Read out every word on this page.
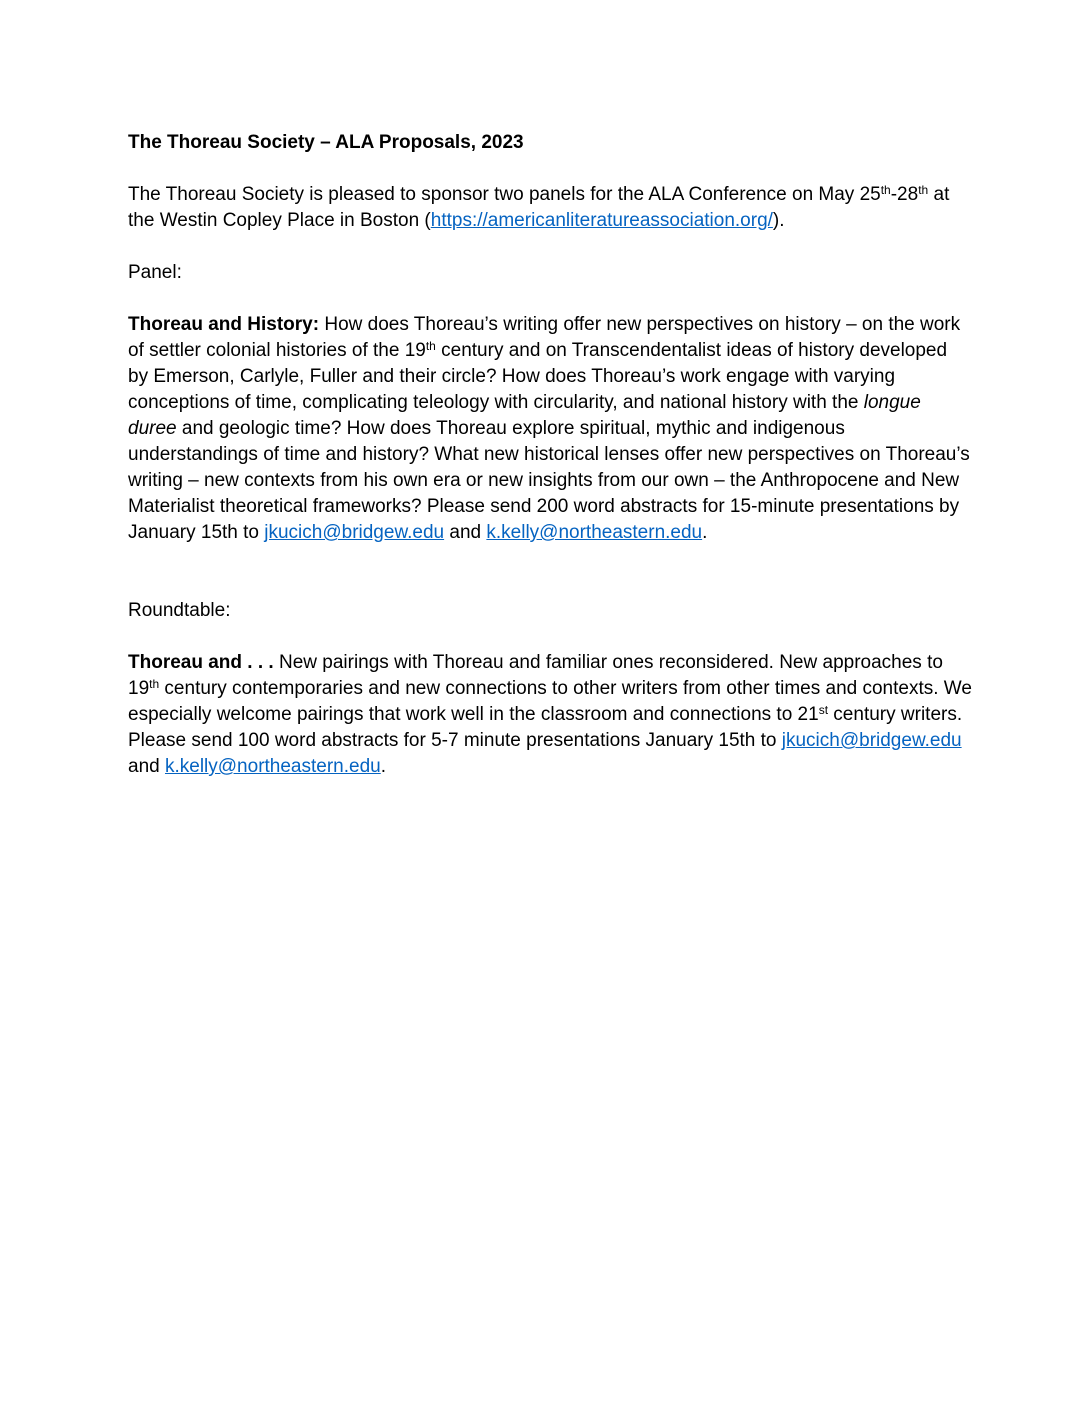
The Thoreau Society – ALA Proposals, 2023

The Thoreau Society is pleased to sponsor two panels for the ALA Conference on May 25th-28th at the Westin Copley Place in Boston (https://americanliteratureassociation.org/).

Panel:

Thoreau and History: How does Thoreau’s writing offer new perspectives on history – on the work of settler colonial histories of the 19th century and on Transcendentalist ideas of history developed by Emerson, Carlyle, Fuller and their circle? How does Thoreau’s work engage with varying conceptions of time, complicating teleology with circularity, and national history with the longue duree and geologic time? How does Thoreau explore spiritual, mythic and indigenous understandings of time and history? What new historical lenses offer new perspectives on Thoreau’s writing – new contexts from his own era or new insights from our own – the Anthropocene and New Materialist theoretical frameworks? Please send 200 word abstracts for 15-minute presentations by January 15th to jkucich@bridgew.edu and k.kelly@northeastern.edu.

Roundtable:

Thoreau and . . . New pairings with Thoreau and familiar ones reconsidered. New approaches to 19th century contemporaries and new connections to other writers from other times and contexts. We especially welcome pairings that work well in the classroom and connections to 21st century writers. Please send 100 word abstracts for 5-7 minute presentations January 15th to jkucich@bridgew.edu and k.kelly@northeastern.edu.
